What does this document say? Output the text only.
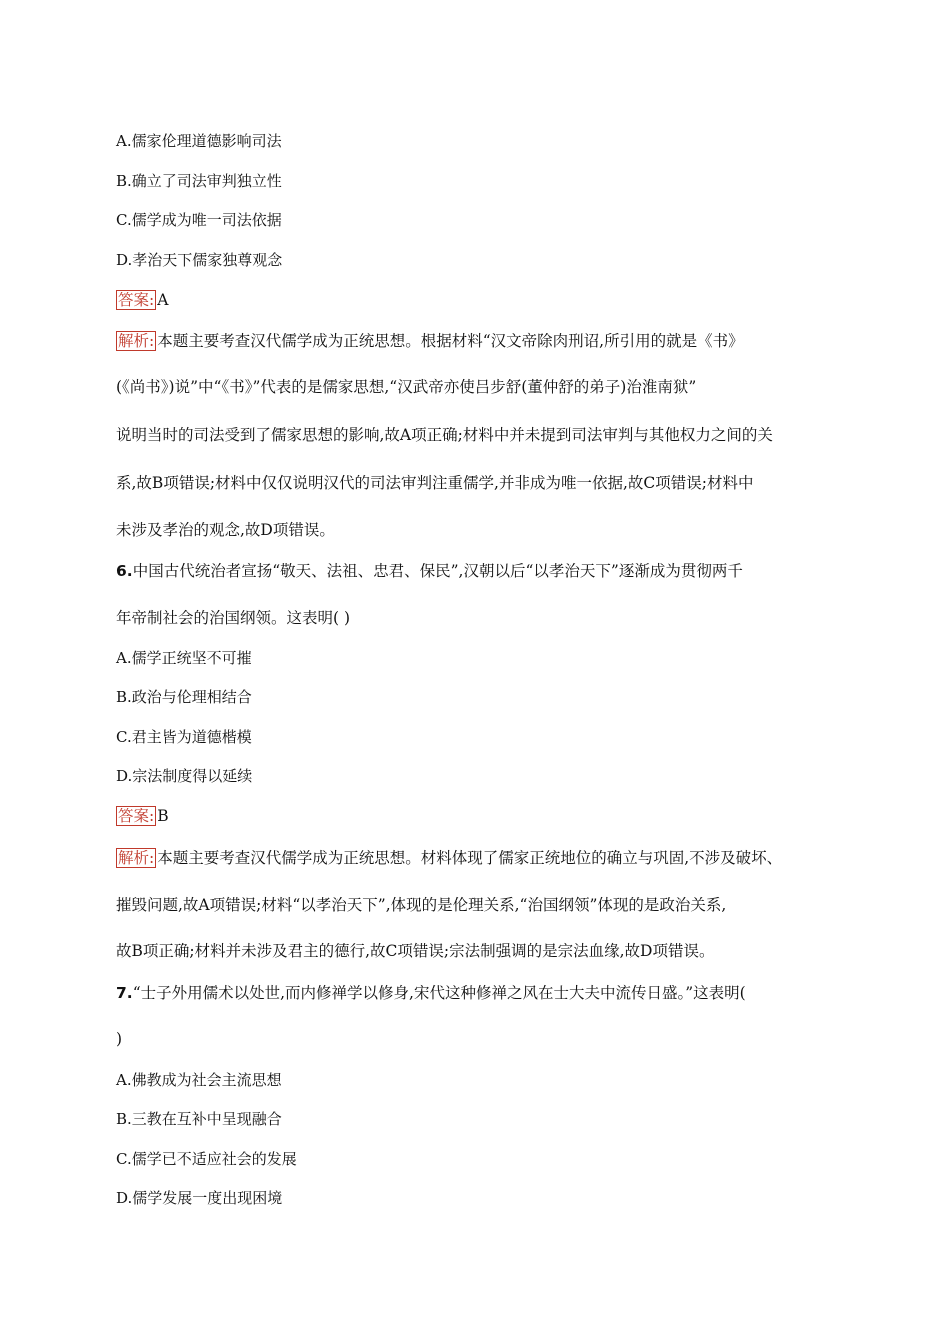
A.儒家伦理道德影响司法
B.确立了司法审判独立性
C.儒学成为唯一司法依据
D.孝治天下儒家独尊观念
答案: A
解析: 本题主要考查汉代儒学成为正统思想。根据材料“汉文帝除肉刑诏,所引用的就是《书》
(《尚书》)说”中“《书》”代表的是儒家思想,“汉武帝亦使吕步舒(董仲舒的弟子)治淮南狱”
说明当时的司法受到了儒家思想的影响,故A项正确;材料中并未提到司法审判与其他权力之间的关
系,故B项错误;材料中仅仅说明汉代的司法审判注重儒学,并非成为唯一依据,故C项错误;材料中
未涉及孝治的观念,故D项错误。
6.中国古代统治者宣扬“敬天、法祖、忠君、保民”,汉朝以后“以孝治天下”逐渐成为贯彻两千
年帝制社会的治国纲领。这表明( )
A.儒学正统坚不可摧
B.政治与伦理相结合
C.君主皆为道德楷模
D.宗法制度得以延续
答案: B
解析: 本题主要考查汉代儒学成为正统思想。材料体现了儒家正统地位的确立与巩固,不涉及破坏、
摧毁问题,故A项错误;材料“以孝治天下”,体现的是伦理关系,“治国纲领”体现的是政治关系,
故B项正确;材料并未涉及君主的德行,故C项错误;宗法制强调的是宗法血缘,故D项错误。
7.“士子外用儒术以处世,而内修禅学以修身,宋代这种修禅之风在士大夫中流传日盛。”这表明(
)
A.佛教成为社会主流思想
B.三教在互补中呈现融合
C.儒学已不适应社会的发展
D.儒学发展一度出现困境
